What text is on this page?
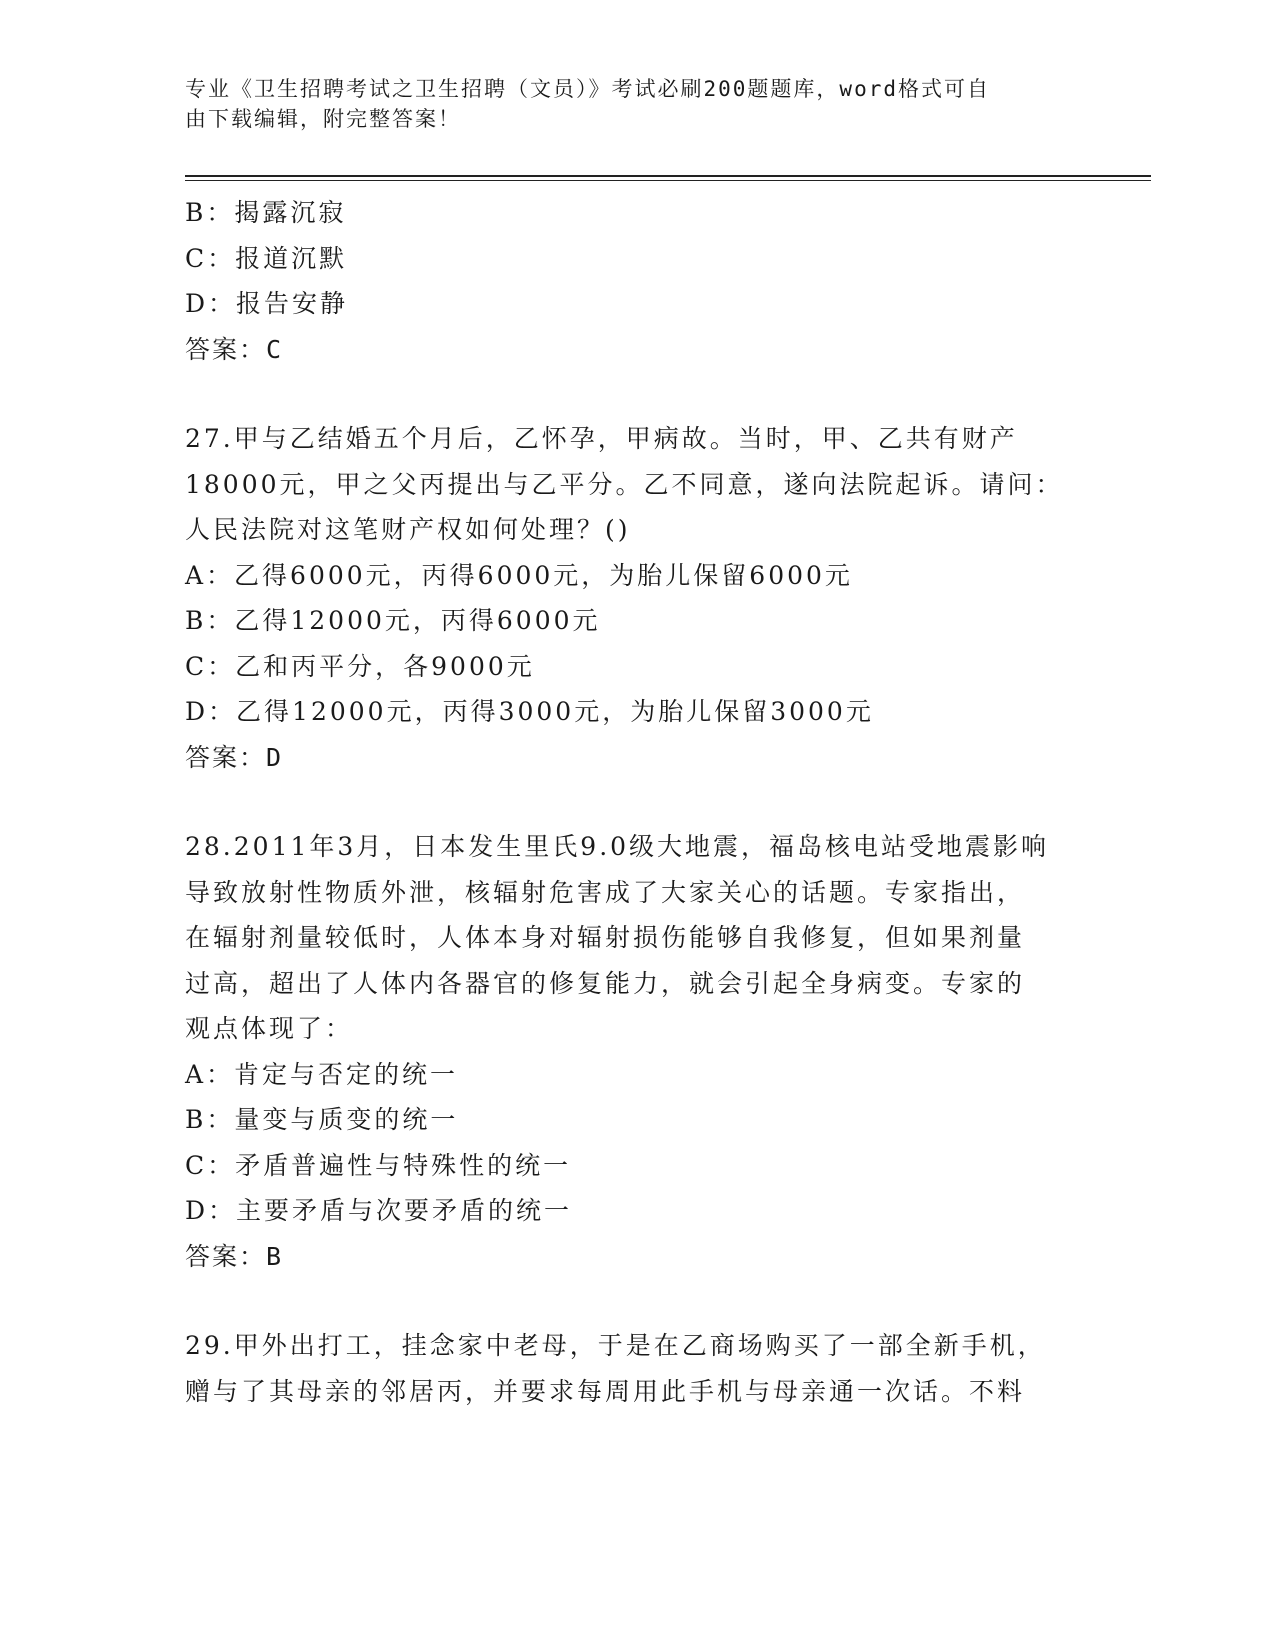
专业《卫生招聘考试之卫生招聘（文员）》考试必刷200题题库，word格式可自
由下载编辑，附完整答案！
B：揭露沉寂
C：报道沉默
D：报告安静
答案：C
27.甲与乙结婚五个月后，乙怀孕，甲病故。当时，甲、乙共有财产
18000元，甲之父丙提出与乙平分。乙不同意，遂向法院起诉。请问：
人民法院对这笔财产权如何处理？()
A：乙得6000元，丙得6000元，为胎儿保留6000元
B：乙得12000元，丙得6000元
C：乙和丙平分，各9000元
D：乙得12000元，丙得3000元，为胎儿保留3000元
答案：D
28.2011年3月，日本发生里氏9.0级大地震，福岛核电站受地震影响
导致放射性物质外泄，核辐射危害成了大家关心的话题。专家指出，
在辐射剂量较低时，人体本身对辐射损伤能够自我修复，但如果剂量
过高，超出了人体内各器官的修复能力，就会引起全身病变。专家的
观点体现了：
A：肯定与否定的统一
B：量变与质变的统一
C：矛盾普遍性与特殊性的统一
D：主要矛盾与次要矛盾的统一
答案：B
29.甲外出打工，挂念家中老母，于是在乙商场购买了一部全新手机，
赠与了其母亲的邻居丙，并要求每周用此手机与母亲通一次话。不料
